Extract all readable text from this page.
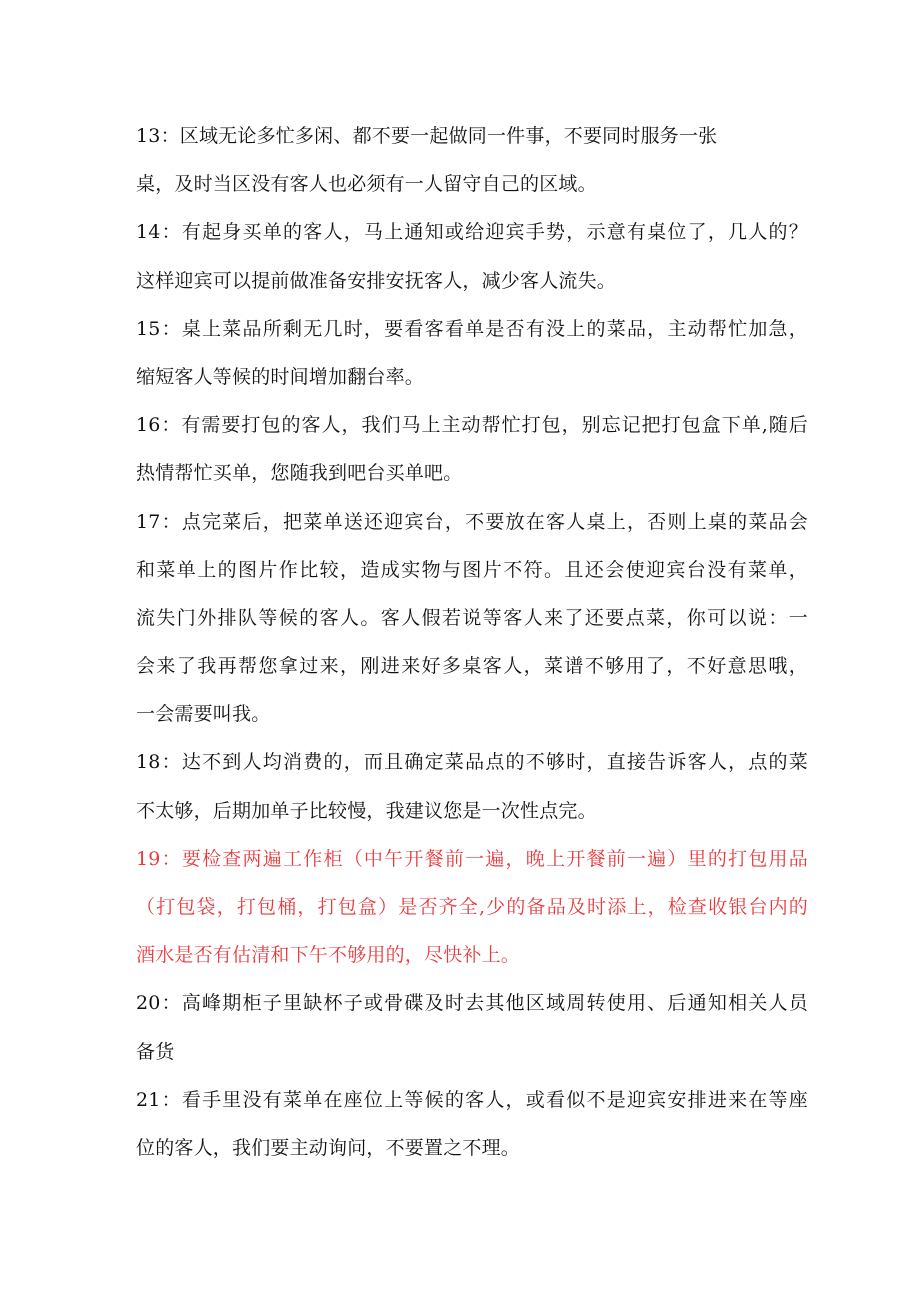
13：区域无论多忙多闲、都不要一起做同一件事，不要同时服务一张
桌，及时当区没有客人也必须有一人留守自己的区域。
14：有起身买单的客人，马上通知或给迎宾手势，示意有桌位了，几人的？
这样迎宾可以提前做准备安排安抚客人，减少客人流失。
15：桌上菜品所剩无几时，要看客看单是否有没上的菜品，主动帮忙加急，
缩短客人等候的时间增加翻台率。
16：有需要打包的客人，我们马上主动帮忙打包，别忘记把打包盒下单,随后
热情帮忙买单，您随我到吧台买单吧。
17：点完菜后，把菜单送还迎宾台，不要放在客人桌上，否则上桌的菜品会
和菜单上的图片作比较，造成实物与图片不符。且还会使迎宾台没有菜单，
流失门外排队等候的客人。客人假若说等客人来了还要点菜，你可以说：一
会来了我再帮您拿过来，刚进来好多桌客人，菜谱不够用了，不好意思哦，
一会需要叫我。
18：达不到人均消费的，而且确定菜品点的不够时，直接告诉客人，点的菜
不太够，后期加单子比较慢，我建议您是一次性点完。
19：要检查两遍工作柜（中午开餐前一遍，晚上开餐前一遍）里的打包用品
（打包袋，打包桶，打包盒）是否齐全,少的备品及时添上，检查收银台内的
酒水是否有估清和下午不够用的，尽快补上。
20：高峰期柜子里缺杯子或骨碟及时去其他区域周转使用、后通知相关人员
备货
21：看手里没有菜单在座位上等候的客人，或看似不是迎宾安排进来在等座
位的客人，我们要主动询问，不要置之不理。
